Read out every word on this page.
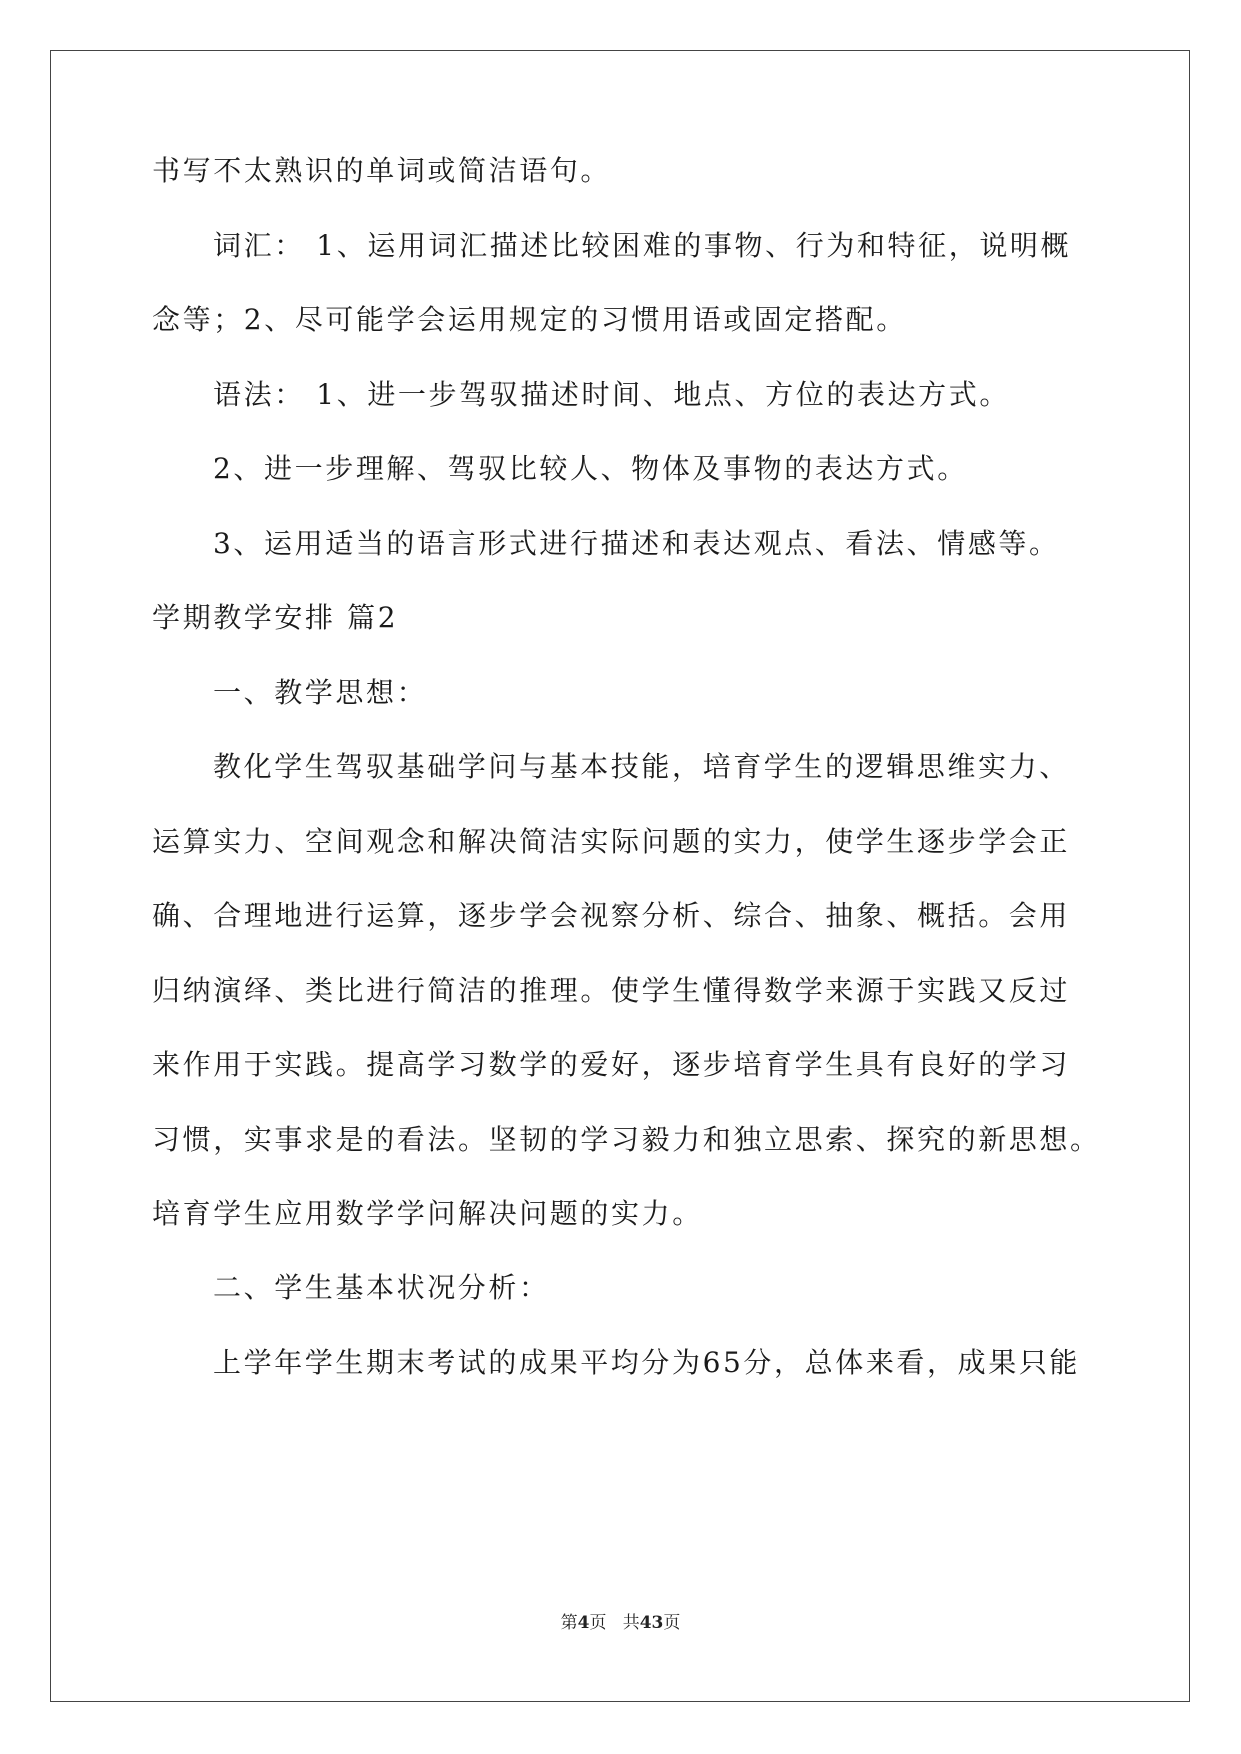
书写不太熟识的单词或简洁语句。
词汇： 1、运用词汇描述比较困难的事物、行为和特征，说明概
念等；2、尽可能学会运用规定的习惯用语或固定搭配。
语法： 1、进一步驾驭描述时间、地点、方位的表达方式。
2、进一步理解、驾驭比较人、物体及事物的表达方式。
3、运用适当的语言形式进行描述和表达观点、看法、情感等。
学期教学安排 篇2
一、教学思想：
教化学生驾驭基础学问与基本技能，培育学生的逻辑思维实力、
运算实力、空间观念和解决简洁实际问题的实力，使学生逐步学会正
确、合理地进行运算，逐步学会视察分析、综合、抽象、概括。会用
归纳演绎、类比进行简洁的推理。使学生懂得数学来源于实践又反过
来作用于实践。提高学习数学的爱好，逐步培育学生具有良好的学习
习惯，实事求是的看法。坚韧的学习毅力和独立思索、探究的新思想。
培育学生应用数学学问解决问题的实力。
二、学生基本状况分析：
上学年学生期末考试的成果平均分为65分，总体来看，成果只能
第4页 共43页
